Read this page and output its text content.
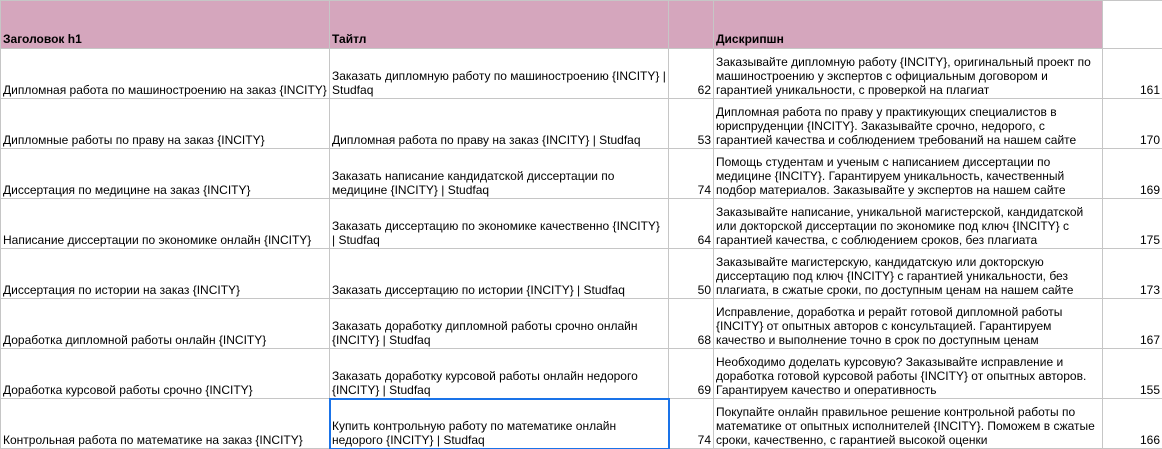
Заголовок h1	Тайтл		Дискрипшн	
Дипломная работа по машиностроению на заказ {INCITY}	Заказать дипломную работу по машиностроению {INCITY} | Studfaq	62	Заказывайте дипломную работу {INCITY}, оригинальный проект по машиностроению у экспертов с официальным договором и гарантией уникальности, с проверкой на плагиат	161
Дипломные работы по праву на заказ {INCITY}	Дипломная работа по праву на заказ {INCITY} | Studfaq	53	Дипломная работа по праву у практикующих специалистов в юриспруденции {INCITY}. Заказывайте срочно, недорого, с гарантией качества и соблюдением требований на нашем сайте	170
Диссертация по медицине на заказ {INCITY}	Заказать написание кандидатской диссертации по медицине {INCITY} | Studfaq	74	Помощь студентам и ученым с написанием диссертации по медицине {INCITY}. Гарантируем уникальность, качественный подбор материалов. Заказывайте у экспертов на нашем сайте	169
Написание диссертации по экономике онлайн {INCITY}	Заказать диссертацию по экономике качественно {INCITY} | Studfaq	64	Заказывайте написание, уникальной магистерской, кандидатской или докторской диссертации по экономике под ключ {INCITY} с гарантией качества, с соблюдением сроков, без плагиата	175
Диссертация по истории на заказ {INCITY}	Заказать диссертацию по истории {INCITY} | Studfaq	50	Заказывайте магистерскую, кандидатскую или докторскую диссертацию под ключ {INCITY} с гарантией уникальности, без плагиата, в сжатые сроки, по доступным ценам на нашем сайте	173
Доработка дипломной работы онлайн {INCITY}	Заказать доработку дипломной работы срочно онлайн {INCITY} | Studfaq	68	Исправление, доработка и рерайт готовой дипломной работы {INCITY} от опытных авторов с консультацией. Гарантируем качество и выполнение точно в срок по доступным ценам	167
Доработка курсовой работы срочно {INCITY}	Заказать доработку курсовой работы онлайн недорого {INCITY} | Studfaq	69	Необходимо доделать курсовую? Заказывайте исправление и доработка готовой курсовой работы {INCITY} от опытных авторов. Гарантируем качество и оперативность	155
Контрольная работа по математике на заказ {INCITY}	Купить контрольную работу по математике онлайн недорого {INCITY} | Studfaq	74	Покупайте онлайн правильное решение контрольной работы по математике от опытных исполнителей {INCITY}. Поможем в сжатые сроки, качественно, с гарантией высокой оценки	166
